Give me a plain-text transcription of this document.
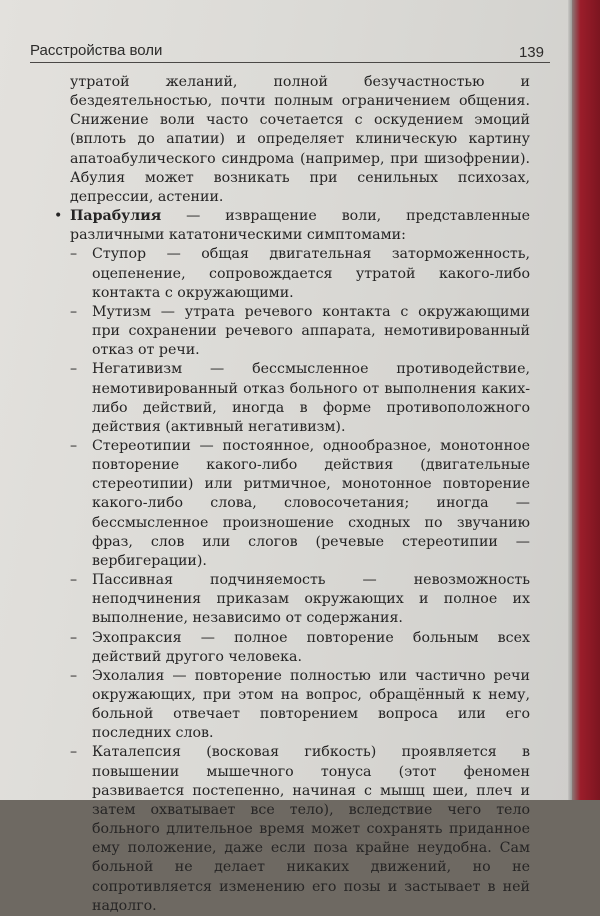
Расстройства воли	139

утратой желаний, полной безучастностью и бездеятельностью, почти полным ограничением общения. Снижение воли часто сочетается с оскудением эмоций (вплоть до апатии) и определяет клиническую картину апатоабулического синдрома (например, при шизофрении). Абулия может возникать при сенильных психозах, депрессии, астении.

• Парабулия — извращение воли, представленные различными кататоническими симптомами:

– Ступор — общая двигательная заторможенность, оцепенение, сопровождается утратой какого-либо контакта с окружающими.

– Мутизм — утрата речевого контакта с окружающими при сохранении речевого аппарата, немотивированный отказ от речи.

– Негативизм — бессмысленное противодействие, немотивированный отказ больного от выполнения каких-либо действий, иногда в форме противоположного действия (активный негативизм).

– Стереотипии — постоянное, однообразное, монотонное повторение какого-либо действия (двигательные стереотипии) или ритмичное, монотонное повторение какого-либо слова, словосочетания; иногда — бессмысленное произношение сходных по звучанию фраз, слов или слогов (речевые стереотипии — вербигерации).

– Пассивная подчиняемость — невозможность неподчинения приказам окружающих и полное их выполнение, независимо от содержания.

– Эхопраксия — полное повторение больным всех действий другого человека.

– Эхолалия — повторение полностью или частично речи окружающих, при этом на вопрос, обращённый к нему, больной отвечает повторением вопроса или его последних слов.

– Каталепсия (восковая гибкость) проявляется в повышении мышечного тонуса (этот феномен развивается постепенно, начиная с мышц шеи, плеч и затем охватывает все тело), вследствие чего тело больного длительное время может сохранять приданное ему положение, даже если поза крайне неудобна. Сам больной не делает никаких движений, но не сопротивляется изменению его позы и застывает в ней надолго.
